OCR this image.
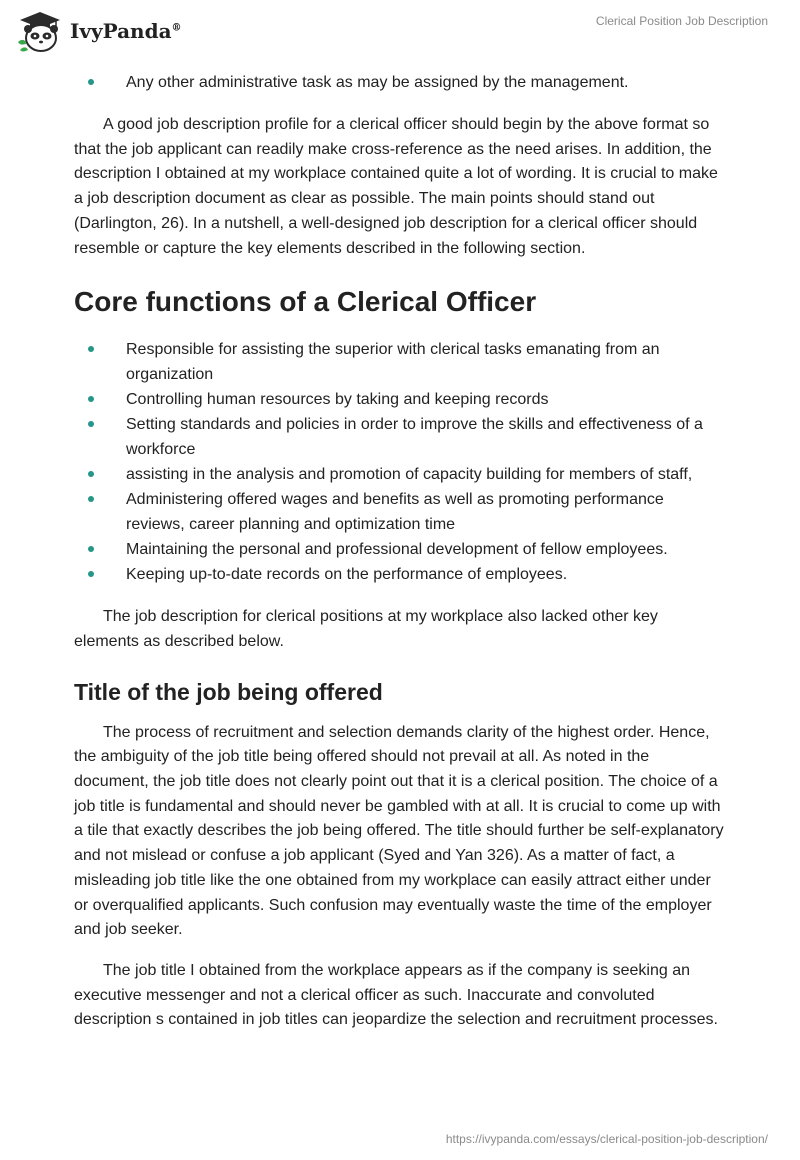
IvyPanda®	Clerical Position Job Description
Any other administrative task as may be assigned by the management.

A good job description profile for a clerical officer should begin by the above format so that the job applicant can readily make cross-reference as the need arises. In addition, the description I obtained at my workplace contained quite a lot of wording. It is crucial to make a job description document as clear as possible. The main points should stand out (Darlington, 26). In a nutshell, a well-designed job description for a clerical officer should resemble or capture the key elements described in the following section.

Core functions of a Clerical Officer
Responsible for assisting the superior with clerical tasks emanating from an organization
Controlling human resources by taking and keeping records
Setting standards and policies in order to improve the skills and effectiveness of a workforce
assisting in the analysis and promotion of capacity building for members of staff,
Administering offered wages and benefits as well as promoting performance reviews, career planning and optimization time
Maintaining the personal and professional development of fellow employees.
Keeping up-to-date records on the performance of employees.

The job description for clerical positions at my workplace also lacked other key elements as described below.

Title of the job being offered

The process of recruitment and selection demands clarity of the highest order. Hence, the ambiguity of the job title being offered should not prevail at all. As noted in the document, the job title does not clearly point out that it is a clerical position. The choice of a job title is fundamental and should never be gambled with at all. It is crucial to come up with a tile that exactly describes the job being offered. The title should further be self-explanatory and not mislead or confuse a job applicant (Syed and Yan 326). As a matter of fact, a misleading job title like the one obtained from my workplace can easily attract either under or overqualified applicants. Such confusion may eventually waste the time of the employer and job seeker.

The job title I obtained from the workplace appears as if the company is seeking an executive messenger and not a clerical officer as such. Inaccurate and convoluted description s contained in job titles can jeopardize the selection and recruitment processes.

https://ivypanda.com/essays/clerical-position-job-description/
